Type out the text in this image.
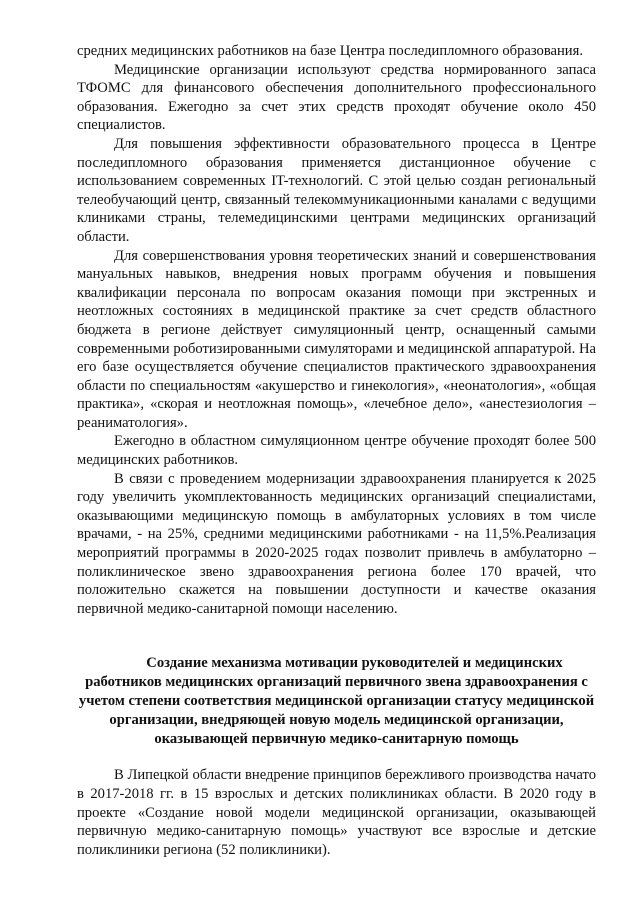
средних медицинских работников на базе Центра последипломного образования.

Медицинские организации используют средства нормированного запаса ТФОМС для финансового обеспечения дополнительного профессионального образования. Ежегодно за счет этих средств проходят обучение около 450 специалистов.

Для повышения эффективности образовательного процесса в Центре последипломного образования применяется дистанционное обучение с использованием современных IT-технологий. С этой целью создан региональный телеобучающий центр, связанный телекоммуникационными каналами с ведущими клиниками страны, телемедицинскими центрами медицинских организаций области.

Для совершенствования уровня теоретических знаний и совершенствования мануальных навыков, внедрения новых программ обучения и повышения квалификации персонала по вопросам оказания помощи при экстренных и неотложных состояниях в медицинской практике за счет средств областного бюджета в регионе действует симуляционный центр, оснащенный самыми современными роботизированными симуляторами и медицинской аппаратурой. На его базе осуществляется обучение специалистов практического здравоохранения области по специальностям «акушерство и гинекология», «неонатология», «общая практика», «скорая и неотложная помощь», «лечебное дело», «анестезиология – реаниматология».

Ежегодно в областном симуляционном центре обучение проходят более 500 медицинских работников.

В связи с проведением модернизации здравоохранения планируется к 2025 году увеличить укомплектованность медицинских организаций специалистами, оказывающими медицинскую помощь в амбулаторных условиях в том числе врачами, - на 25%, средними медицинскими работниками - на 11,5%.Реализация мероприятий программы в 2020-2025 годах позволит привлечь в амбулаторно – поликлиническое звено здравоохранения региона более 170 врачей, что положительно скажется на повышении доступности и качестве оказания первичной медико-санитарной помощи населению.

Создание механизма мотивации руководителей и медицинских
работников медицинских организаций первичного звена здравоохранения с учетом степени соответствия медицинской организации статусу медицинской организации, внедряющей новую модель медицинской организации, оказывающей первичную медико-санитарную помощь

В Липецкой области внедрение принципов бережливого производства начато в 2017-2018 гг. в 15 взрослых и детских поликлиниках области. В 2020 году в проекте «Создание новой модели медицинской организации, оказывающей первичную медико-санитарную помощь» участвуют все взрослые и детские поликлиники региона (52 поликлиники).
